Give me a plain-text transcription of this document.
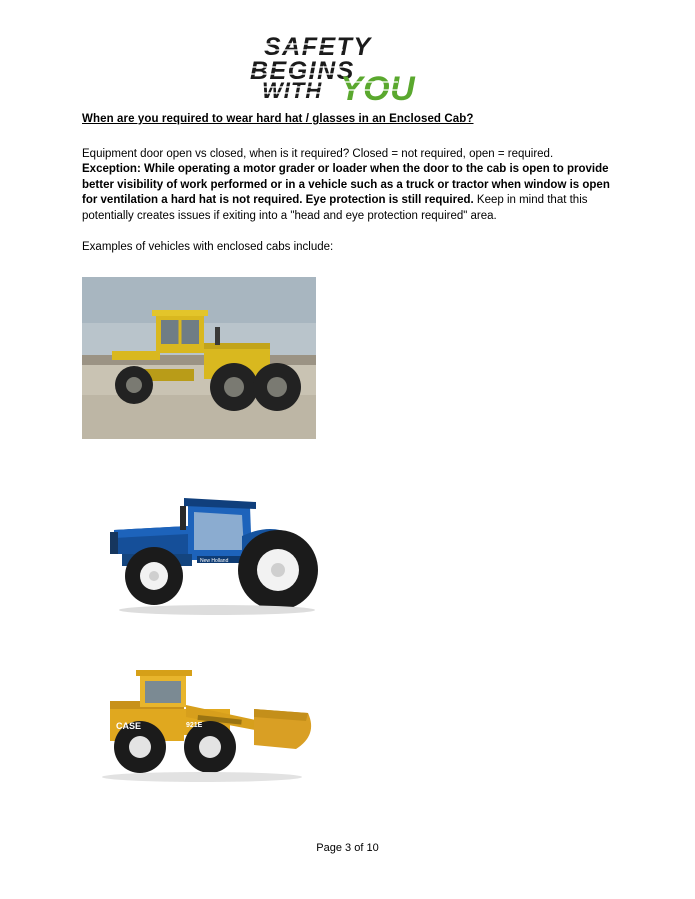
SAFETY
BEGINS
WITH YOU
When are you required to wear hard hat / glasses in an Enclosed Cab?

Equipment door open vs closed, when is it required? Closed = not required, open = required. Exception: While operating a motor grader or loader when the door to the cab is open to provide better visibility of work performed or in a vehicle such as a truck or tractor when window is open for ventilation a hard hat is not required. Eye protection is still required. Keep in mind that this potentially creates issues if exiting into a "head and eye protection required" area.

Examples of vehicles with enclosed cabs include:

New Holland
CASE	921E
Page 3 of 10
